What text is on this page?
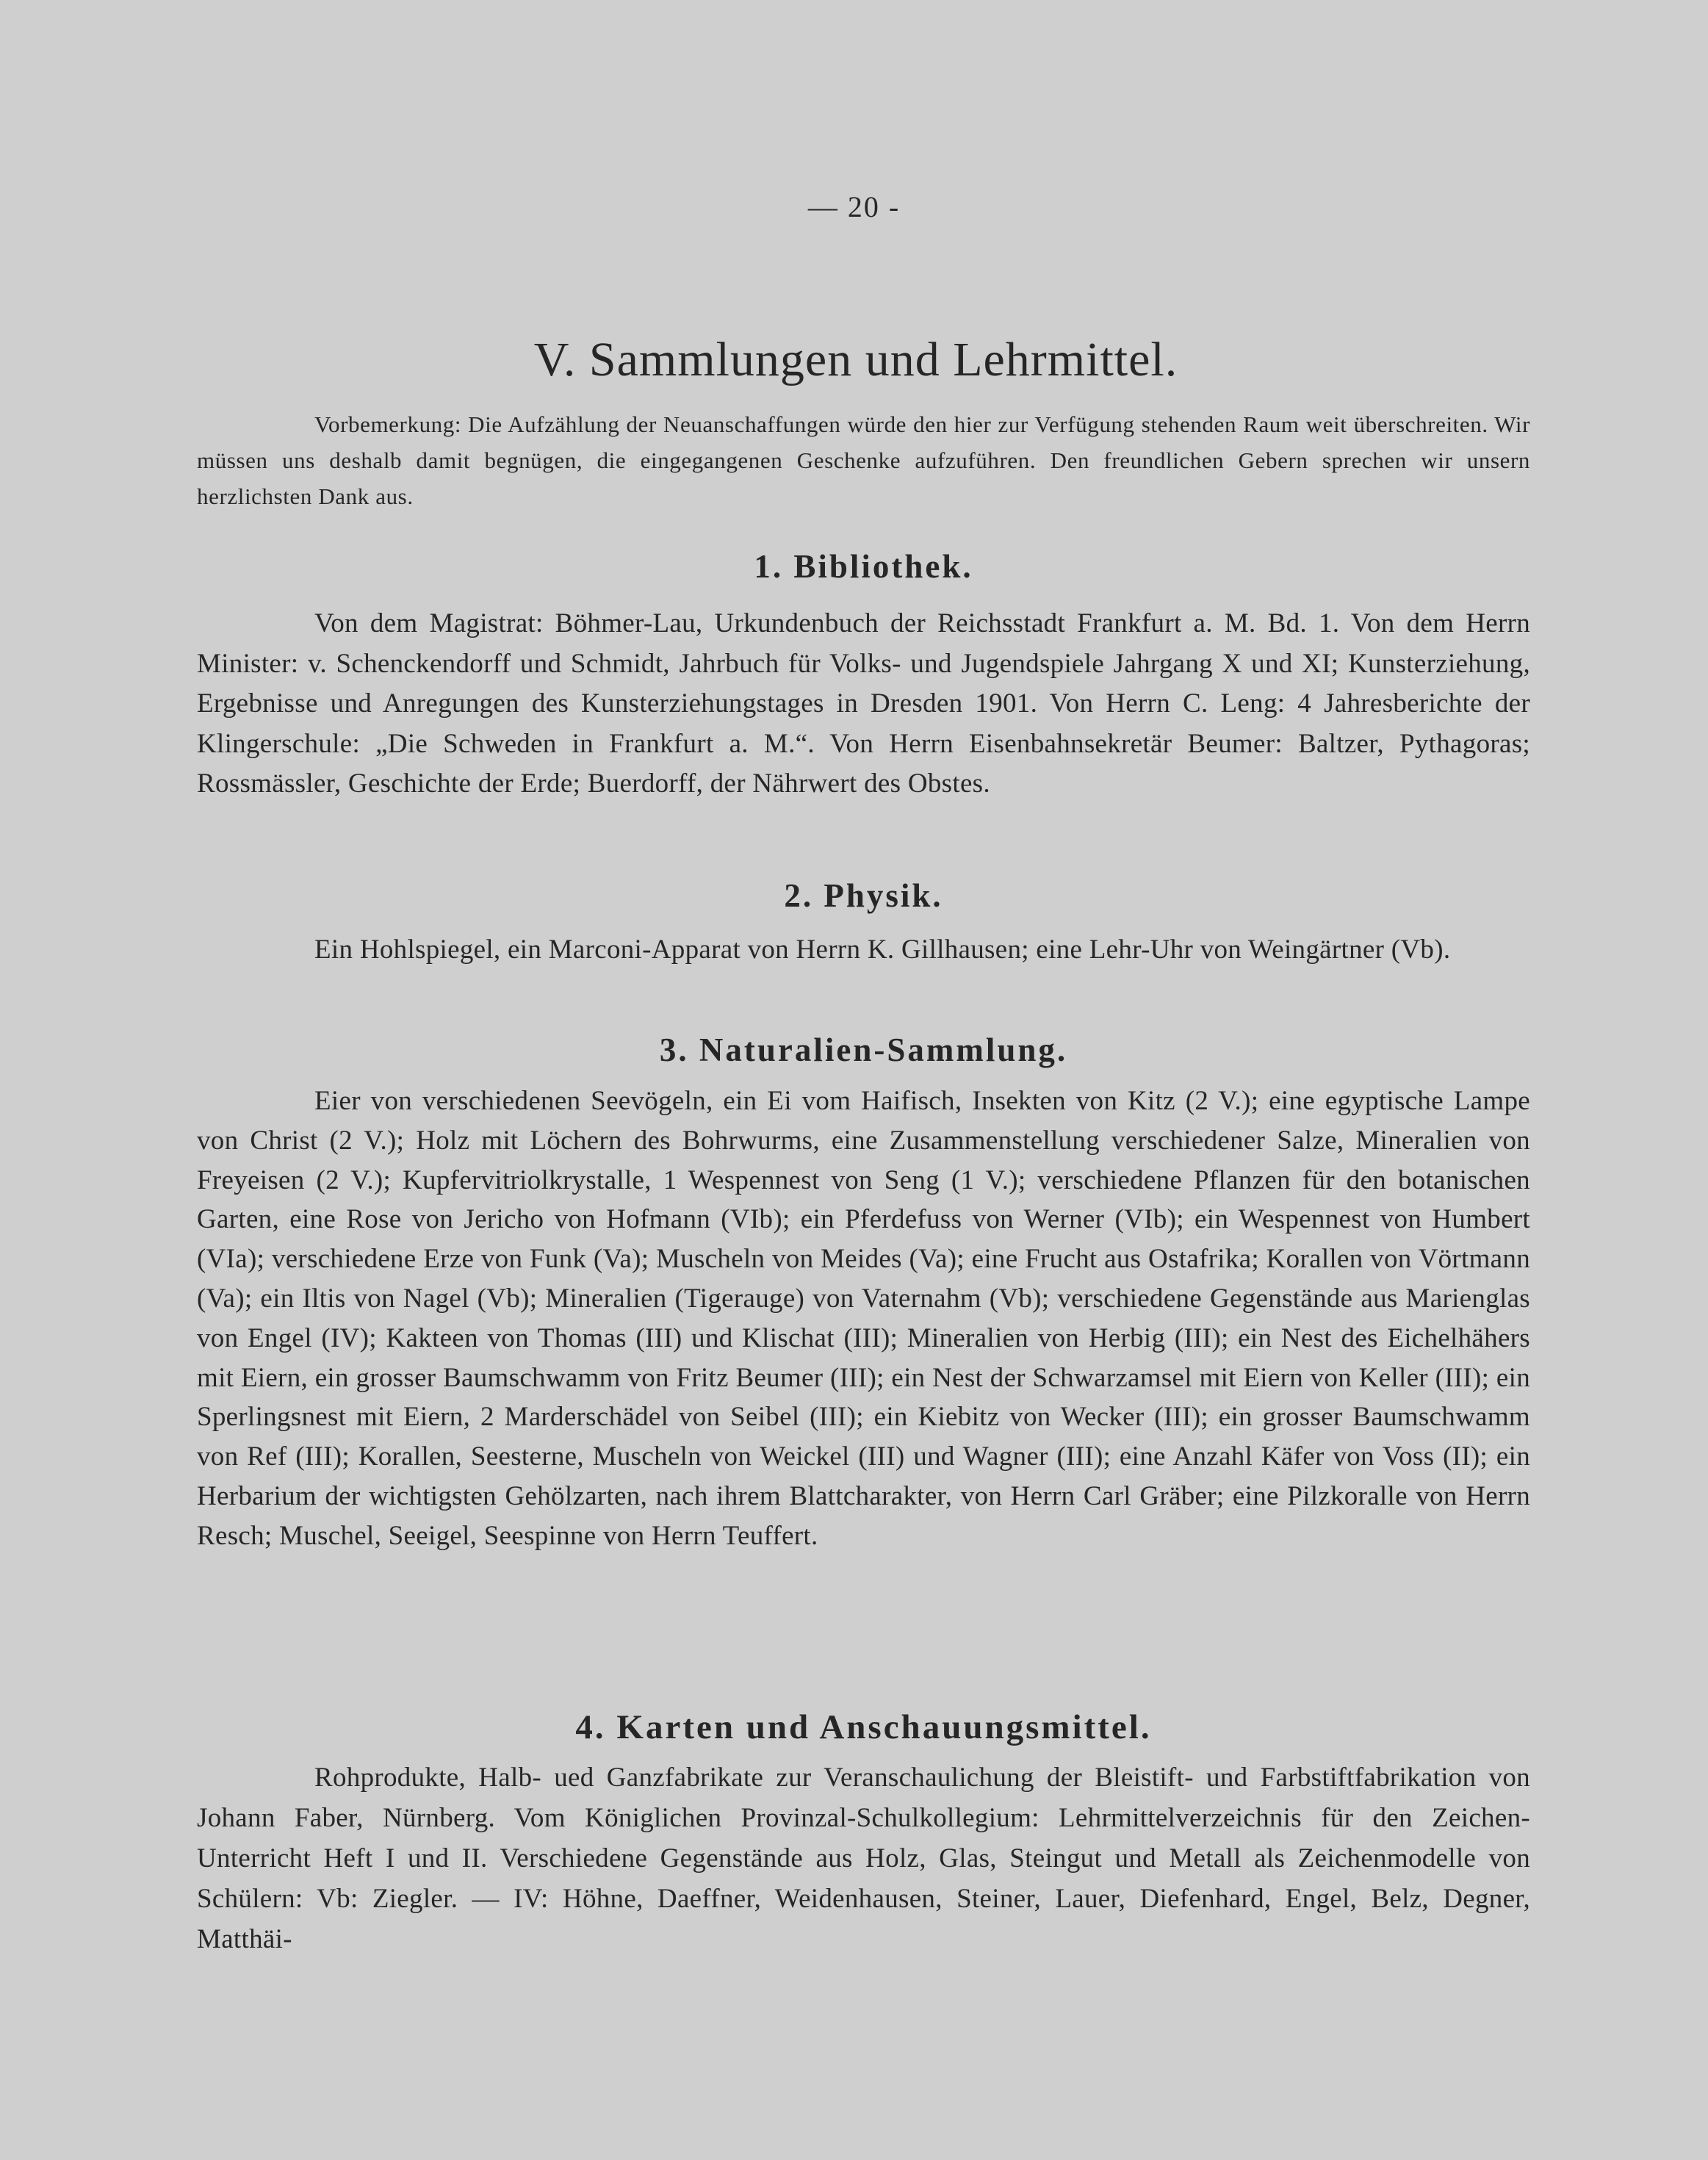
— 20 -
V. Sammlungen und Lehrmittel.

Vorbemerkung: Die Aufzählung der Neuanschaffungen würde den hier zur Verfügung stehenden Raum weit überschreiten. Wir müssen uns deshalb damit begnügen, die eingegangenen Geschenke aufzuführen. Den freundlichen Gebern sprechen wir unsern herzlichsten Dank aus.

1. Bibliothek.

Von dem Magistrat: Böhmer-Lau, Urkundenbuch der Reichsstadt Frankfurt a. M. Bd. 1. Von dem Herrn Minister: v. Schenckendorff und Schmidt, Jahrbuch für Volks- und Jugendspiele Jahrgang X und XI; Kunsterziehung, Ergebnisse und Anregungen des Kunsterziehungstages in Dresden 1901. Von Herrn C. Leng: 4 Jahresberichte der Klingerschule: „Die Schweden in Frankfurt a. M.“. Von Herrn Eisenbahnsekretär Beumer: Baltzer, Pythagoras; Rossmässler, Geschichte der Erde; Buerdorff, der Nährwert des Obstes.

2. Physik.

Ein Hohlspiegel, ein Marconi-Apparat von Herrn K. Gillhausen; eine Lehr-Uhr von Weingärtner (Vb).

3. Naturalien-Sammlung.

Eier von verschiedenen Seevögeln, ein Ei vom Haifisch, Insekten von Kitz (2 V.); eine egyptische Lampe von Christ (2 V.); Holz mit Löchern des Bohrwurms, eine Zusammenstellung verschiedener Salze, Mineralien von Freyeisen (2 V.); Kupfervitriolkrystalle, 1 Wespennest von Seng (1 V.); verschiedene Pflanzen für den botanischen Garten, eine Rose von Jericho von Hofmann (VIb); ein Pferdefuss von Werner (VIb); ein Wespennest von Humbert (VIa); verschiedene Erze von Funk (Va); Muscheln von Meides (Va); eine Frucht aus Ostafrika; Korallen von Vörtmann (Va); ein Iltis von Nagel (Vb); Mineralien (Tigerauge) von Vaternahm (Vb); verschiedene Gegenstände aus Marienglas von Engel (IV); Kakteen von Thomas (III) und Klischat (III); Mineralien von Herbig (III); ein Nest des Eichelhähers mit Eiern, ein grosser Baumschwamm von Fritz Beumer (III); ein Nest der Schwarzamsel mit Eiern von Keller (III); ein Sperlingsnest mit Eiern, 2 Marderschädel von Seibel (III); ein Kiebitz von Wecker (III); ein grosser Baumschwamm von Ref (III); Korallen, Seesterne, Muscheln von Weickel (III) und Wagner (III); eine Anzahl Käfer von Voss (II); ein Herbarium der wichtigsten Gehölzarten, nach ihrem Blattcharakter, von Herrn Carl Gräber; eine Pilzkoralle von Herrn Resch; Muschel, Seeigel, Seespinne von Herrn Teuffert.

4. Karten und Anschauungsmittel.

Rohprodukte, Halb- ued Ganzfabrikate zur Veranschaulichung der Bleistift- und Farbstiftfabrikation von Johann Faber, Nürnberg. Vom Königlichen Provinzal-Schulkollegium: Lehrmittelverzeichnis für den Zeichen-Unterricht Heft I und II. Verschiedene Gegenstände aus Holz, Glas, Steingut und Metall als Zeichenmodelle von Schülern: Vb: Ziegler. — IV: Höhne, Daeffner, Weidenhausen, Steiner, Lauer, Diefenhard, Engel, Belz, Degner, Matthäi-
